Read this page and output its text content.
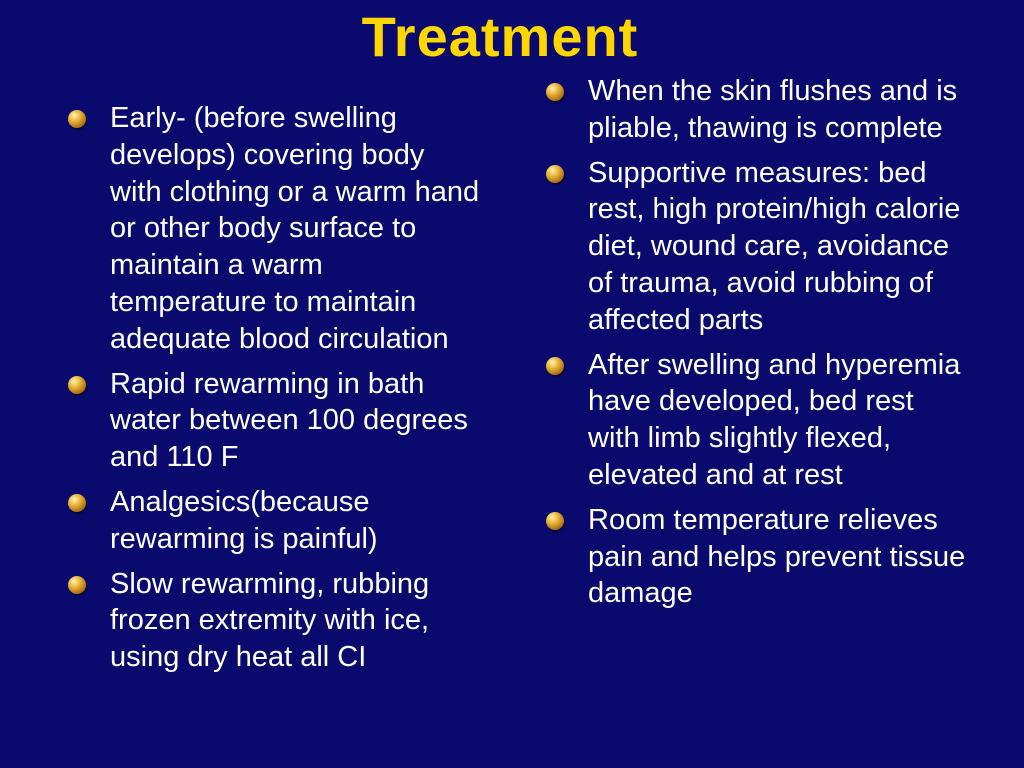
Treatment
Early- (before swelling develops) covering body with clothing or a warm hand or other body surface to maintain a warm temperature to maintain adequate blood circulation
Rapid rewarming in bath water between 100 degrees and 110 F
Analgesics(because rewarming is painful)
Slow rewarming, rubbing frozen extremity with ice, using dry heat all CI
When the skin flushes and is pliable, thawing is complete
Supportive measures: bed rest, high protein/high calorie diet, wound care, avoidance of trauma, avoid rubbing of affected parts
After swelling and hyperemia have developed, bed rest with limb slightly flexed, elevated and at rest
Room temperature relieves pain and helps prevent tissue damage
